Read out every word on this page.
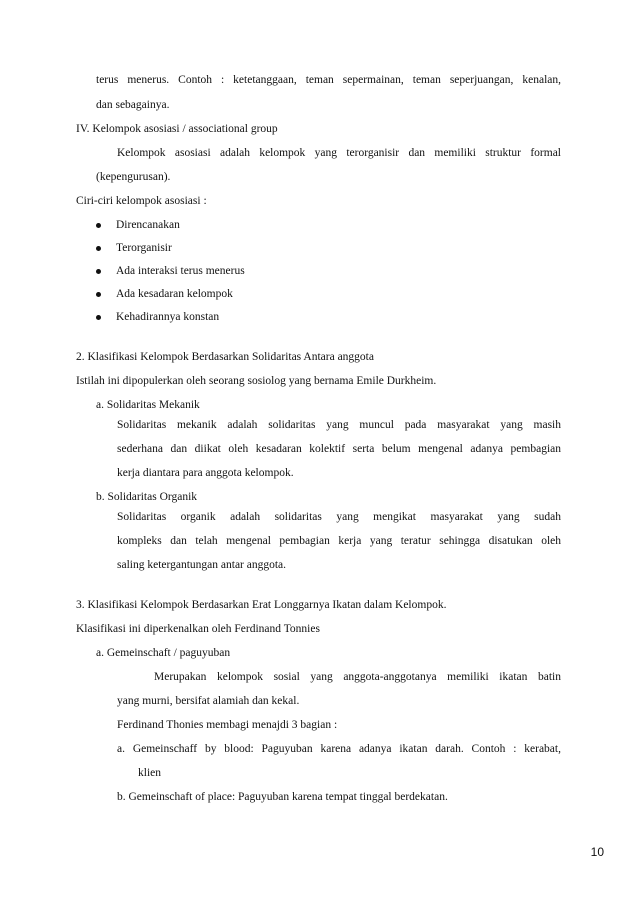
terus menerus. Contoh : ketetanggaan, teman sepermainan, teman seperjuangan, kenalan,
dan sebagainya.
IV. Kelompok asosiasi / associational group
Kelompok asosiasi adalah kelompok yang terorganisir dan memiliki struktur formal
(kepengurusan).
Ciri-ciri kelompok asosiasi :
Direncanakan
Terorganisir
Ada interaksi terus menerus
Ada kesadaran kelompok
Kehadirannya konstan
2. Klasifikasi Kelompok Berdasarkan Solidaritas Antara anggota
Istilah ini dipopulerkan oleh seorang sosiolog yang bernama Emile Durkheim.
a. Solidaritas Mekanik
Solidaritas mekanik adalah solidaritas yang muncul pada masyarakat yang masih
sederhana dan diikat oleh kesadaran kolektif serta belum mengenal adanya pembagian
kerja diantara para anggota kelompok.
b. Solidaritas Organik
Solidaritas organik adalah solidaritas yang mengikat masyarakat yang sudah
kompleks dan telah mengenal pembagian kerja yang teratur sehingga disatukan oleh
saling ketergantungan antar anggota.
3. Klasifikasi Kelompok Berdasarkan Erat Longgarnya Ikatan dalam Kelompok.
Klasifikasi ini diperkenalkan oleh Ferdinand Tonnies
a. Gemeinschaft / paguyuban
Merupakan kelompok sosial yang anggota-anggotanya memiliki ikatan batin
yang murni, bersifat alamiah dan kekal.
Ferdinand Thonies membagi menajdi 3 bagian :
a. Gemeinschaff by blood: Paguyuban karena adanya ikatan darah. Contoh : kerabat,
klien
b. Gemeinschaft of place: Paguyuban karena tempat tinggal berdekatan.
10
